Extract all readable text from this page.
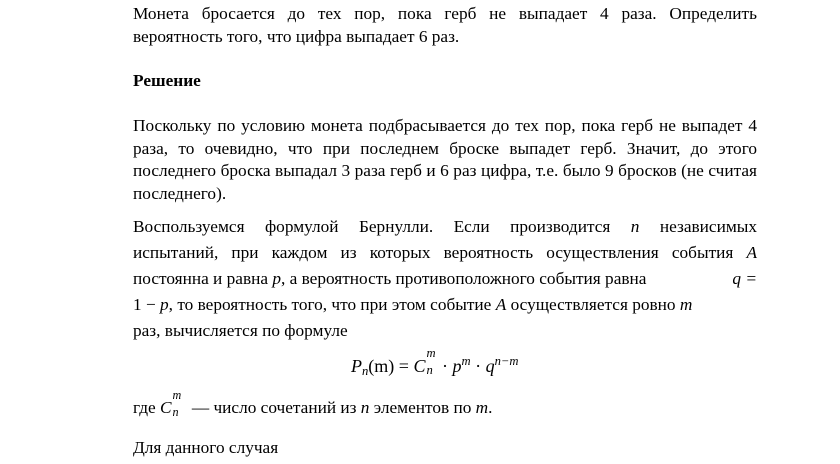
Монета бросается до тех пор, пока герб не выпадает 4 раза. Определить вероятность того, что цифра выпадает 6 раз.

Решение

Поскольку по условию монета подбрасывается до тех пор, пока герб не выпадет 4 раза, то очевидно, что при последнем броске выпадет герб. Значит, до этого последнего броска выпадал 3 раза герб и 6 раз цифра, т.е. было 9 бросков (не считая последнего).

Воспользуемся формулой Бернулли. Если производится n независимых
испытаний, при каждом из которых вероятность осуществления события A
постоянна и равна p, а вероятность противоположного события равна	q =
1 − p, то вероятность того, что при этом событие A осуществляется ровно m
раз, вычисляется по формуле
$P_n(m) = C$
m
$n \cdot p^m \cdot q^{n-m}$
где C
m
n — число сочетаний из n элементов по m.
Для данного случая
